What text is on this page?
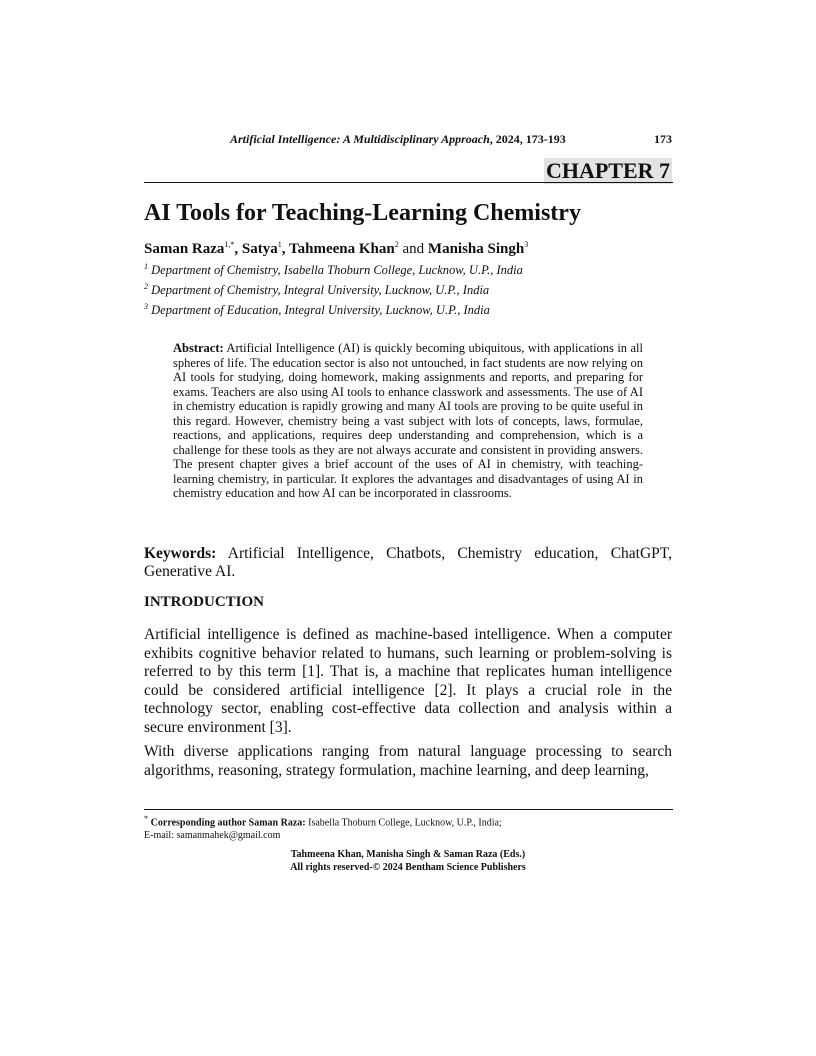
Artificial Intelligence: A Multidisciplinary Approach, 2024, 173-193	173
CHAPTER 7
AI Tools for Teaching-Learning Chemistry
Saman Raza$^{1,*}$, Satya$^1$, Tahmeena Khan$^2$ and Manisha Singh$^3$
$^1$ Department of Chemistry, Isabella Thoburn College, Lucknow, U.P., India
$^2$ Department of Chemistry, Integral University, Lucknow, U.P., India
$^3$ Department of Education, Integral University, Lucknow, U.P., India
Abstract: Artificial Intelligence (AI) is quickly becoming ubiquitous, with applications in all spheres of life. The education sector is also not untouched, in fact students are now relying on AI tools for studying, doing homework, making assignments and reports, and preparing for exams. Teachers are also using AI tools to enhance classwork and assessments. The use of AI in chemistry education is rapidly growing and many AI tools are proving to be quite useful in this regard. However, chemistry being a vast subject with lots of concepts, laws, formulae, reactions, and applications, requires deep understanding and comprehension, which is a challenge for these tools as they are not always accurate and consistent in providing answers. The present chapter gives a brief account of the uses of AI in chemistry, with teaching-learning chemistry, in particular. It explores the advantages and disadvantages of using AI in chemistry education and how AI can be incorporated in classrooms.
Keywords: Artificial Intelligence, Chatbots, Chemistry education, ChatGPT, Generative AI.
INTRODUCTION

Artificial intelligence is defined as machine-based intelligence. When a computer exhibits cognitive behavior related to humans, such learning or problem-solving is referred to by this term [1]. That is, a machine that replicates human intelligence could be considered artificial intelligence [2]. It plays a crucial role in the technology sector, enabling cost-effective data collection and analysis within a secure environment [3].

With diverse applications ranging from natural language processing to search algorithms, reasoning, strategy formulation, machine learning, and deep learning,

* Corresponding author Saman Raza: Isabella Thoburn College, Lucknow, U.P., India;
E-mail: samanmahek@gmail.com
Tahmeena Khan, Manisha Singh & Saman Raza (Eds.)
All rights reserved-© 2024 Bentham Science Publishers
